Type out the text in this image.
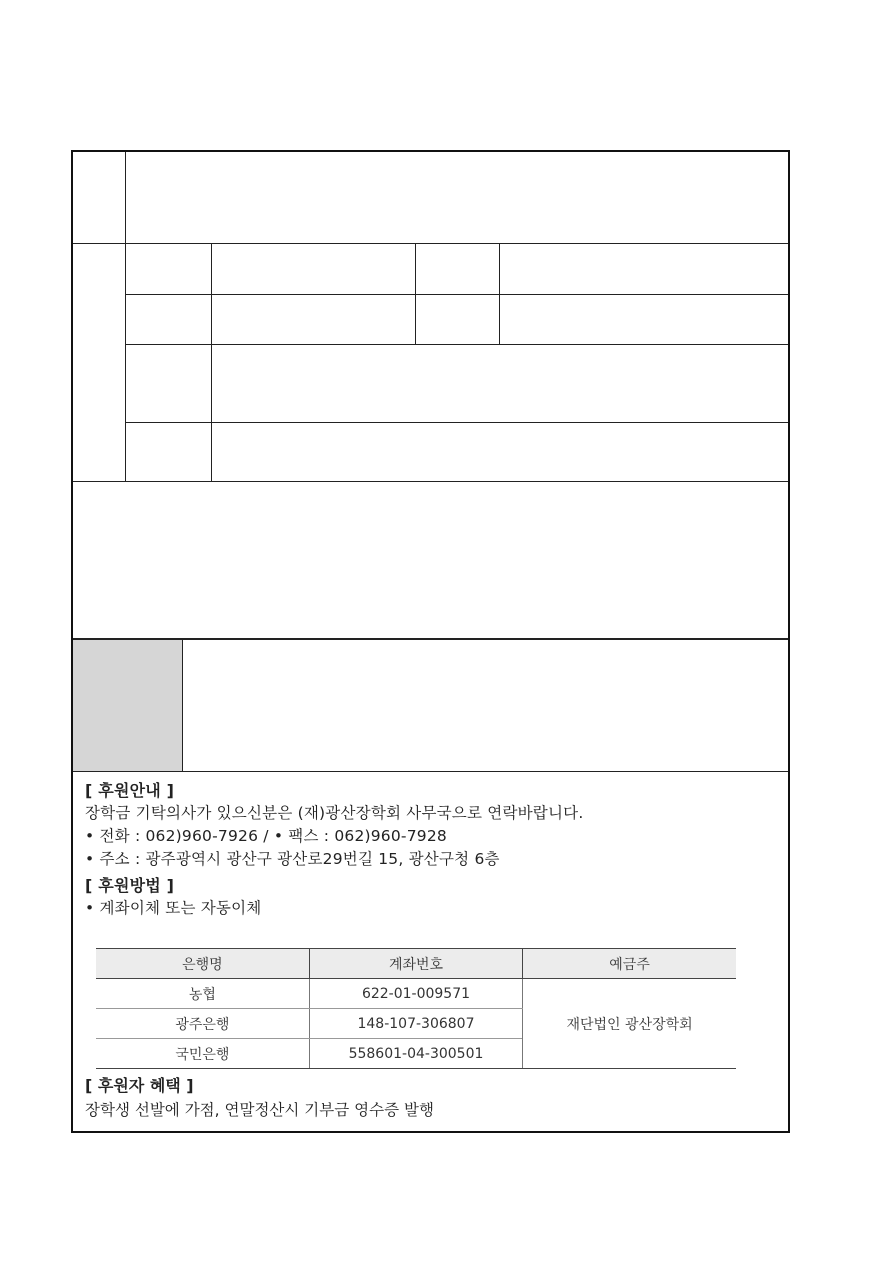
[ 후원안내 ]
장학금 기탁의사가 있으신분은 (재)광산장학회 사무국으로 연락바랍니다.
• 전화 : 062)960-7926 / • 팩스 : 062)960-7928
• 주소 : 광주광역시 광산구 광산로29번길 15, 광산구청 6층
[ 후원방법 ]
• 계좌이체 또는 자동이체
은행명	계좌번호	예금주
농협	622-01-009571	재단법인 광산장학회
광주은행	148-107-306807	
국민은행	558601-04-300501	
[ 후원자 혜택 ]
장학생 선발에 가점, 연말정산시 기부금 영수증 발행
